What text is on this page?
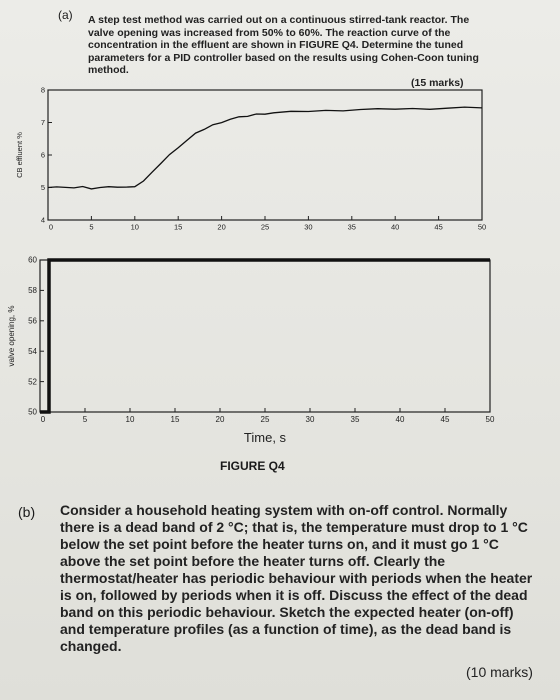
(a) A step test method was carried out on a continuous stirred-tank reactor. The valve opening was increased from 50% to 60%. The reaction curve of the concentration in the effluent are shown in FIGURE Q4. Determine the tuned parameters for a PID controller based on the results using Cohen-Coon tuning method.

(15 marks)

0	5	10	15	20	25	30	35	40	45	50
4
5
6
7
8
CB effluent %
0	5	10	15	20	25	30	35	40	45	50
50
52
54
56
58
60
valve opening, %
Time, s

FIGURE Q4

(b) Consider a household heating system with on-off control. Normally there is a dead band of 2 °C; that is, the temperature must drop to 1 °C below the set point before the heater turns on, and it must go 1 °C above the set point before the heater turns off. Clearly the thermostat/heater has periodic behaviour with periods when the heater is on, followed by periods when it is off. Discuss the effect of the dead band on this periodic behaviour. Sketch the expected heater (on-off) and temperature profiles (as a function of time), as the dead band is changed.

(10 marks)
